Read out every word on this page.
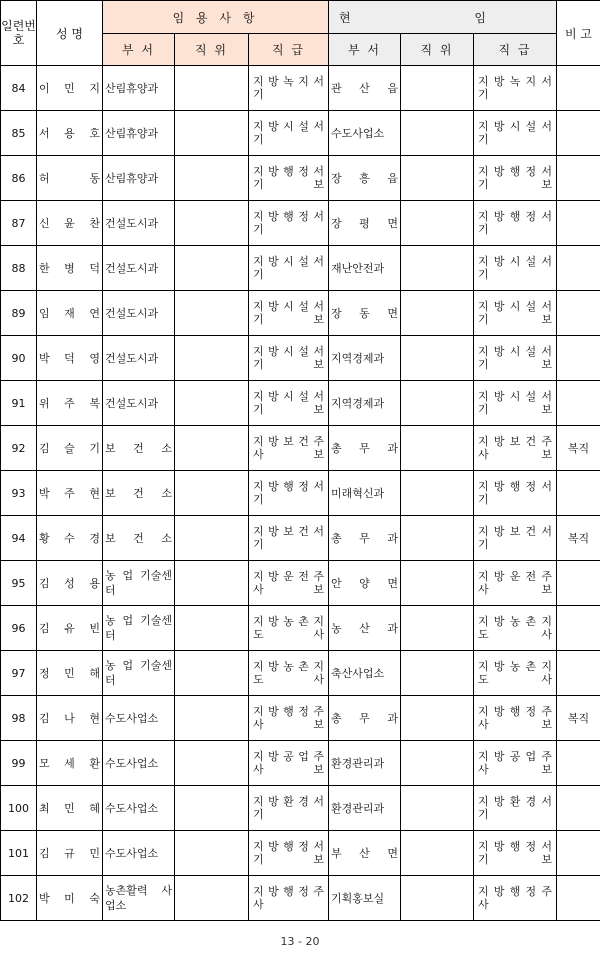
일련번호	성 명	임 용 사 항			현 임			비 고
		부 서	직 위	직 급	부 서	직 위	직 급	
84	이 민 지	산림휴양과		지 방 녹 지 서 기	관 산 읍		지 방 녹 지 서 기	
85	서 용 호	산림휴양과		지 방 시 설 서 기	수도사업소		지 방 시 설 서 기	
86	허 동	산림휴양과		지 방 행 정 서 기 보	장 흥 읍		지 방 행 정 서 기 보	
87	신 윤 찬	건설도시과		지 방 행 정 서 기	장 평 면		지 방 행 정 서 기	
88	한 병 덕	건설도시과		지 방 시 설 서 기	재난안전과		지 방 시 설 서 기	
89	임 재 연	건설도시과		지 방 시 설 서 기 보	장 동 면		지 방 시 설 서 기 보	
90	박 덕 영	건설도시과		지 방 시 설 서 기 보	지역경제과		지 방 시 설 서 기 보	
91	위 주 복	건설도시과		지 방 시 설 서 기 보	지역경제과		지 방 시 설 서 기 보	
92	김 슬 기	보 건 소		지 방 보 건 주 사 보	총 무 과		지 방 보 건 주 사 보	복직
93	박 주 현	보 건 소		지 방 행 정 서 기	미래혁신과		지 방 행 정 서 기	
94	황 수 경	보 건 소		지 방 보 건 서 기	총 무 과		지 방 보 건 서 기	복직
95	김 성 용	농 업 기술센터		지 방 운 전 주 사 보	안 양 면		지 방 운 전 주 사 보	
96	김 유 빈	농 업 기술센터		지 방 농 촌 지 도 사	농 산 과		지 방 농 촌 지 도 사	
97	정 민 해	농 업 기술센터		지 방 농 촌 지 도 사	축산사업소		지 방 농 촌 지 도 사	
98	김 나 현	수도사업소		지 방 행 정 주 사 보	총 무 과		지 방 행 정 주 사 보	복직
99	모 세 환	수도사업소		지 방 공 업 주 사 보	환경관리과		지 방 공 업 주 사 보	
100	최 민 혜	수도사업소		지 방 환 경 서 기	환경관리과		지 방 환 경 서 기	
101	김 규 민	수도사업소		지 방 행 정 서 기 보	부 산 면		지 방 행 정 서 기 보	
102	박 미 숙	농촌활력 사업소		지 방 행 정 주 사	기획홍보실		지 방 행 정 주 사	
13 - 20
